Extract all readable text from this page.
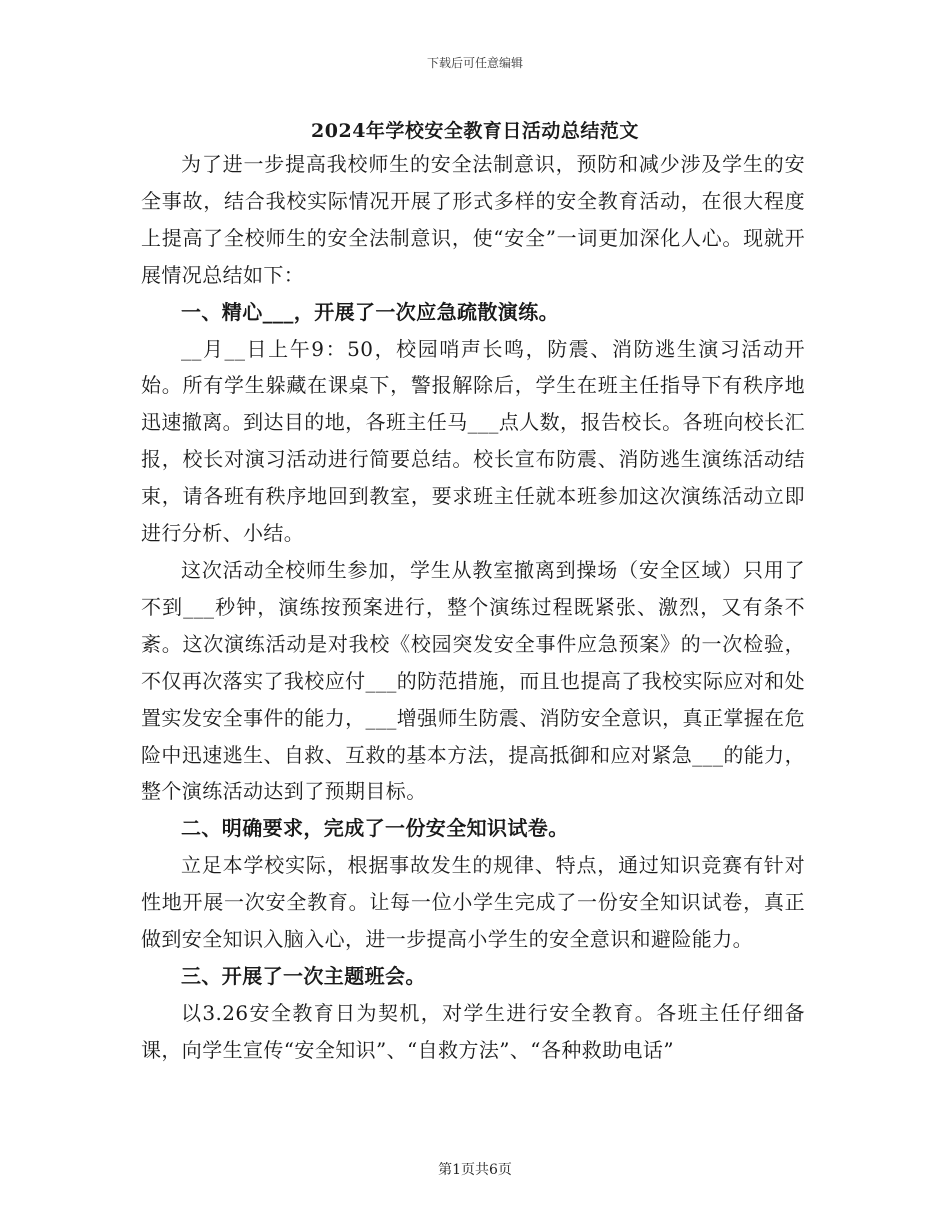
下载后可任意编辑
2024年学校安全教育日活动总结范文

为了进一步提高我校师生的安全法制意识，预防和减少涉及学生的安全事故，结合我校实际情况开展了形式多样的安全教育活动，在很大程度上提高了全校师生的安全法制意识，使“安全”一词更加深化人心。现就开展情况总结如下：

一、精心___，开展了一次应急疏散演练。

__月__日上午9：50，校园哨声长鸣，防震、消防逃生演习活动开始。所有学生躲藏在课桌下，警报解除后，学生在班主任指导下有秩序地迅速撤离。到达目的地，各班主任马___点人数，报告校长。各班向校长汇报，校长对演习活动进行简要总结。校长宣布防震、消防逃生演练活动结束，请各班有秩序地回到教室，要求班主任就本班参加这次演练活动立即进行分析、小结。

这次活动全校师生参加，学生从教室撤离到操场（安全区域）只用了不到___秒钟，演练按预案进行，整个演练过程既紧张、激烈，又有条不紊。这次演练活动是对我校《校园突发安全事件应急预案》的一次检验，不仅再次落实了我校应付___的防范措施，而且也提高了我校实际应对和处置实发安全事件的能力，___增强师生防震、消防安全意识，真正掌握在危险中迅速逃生、自救、互救的基本方法，提高抵御和应对紧急___的能力，整个演练活动达到了预期目标。

二、明确要求，完成了一份安全知识试卷。

立足本学校实际，根据事故发生的规律、特点，通过知识竞赛有针对性地开展一次安全教育。让每一位小学生完成了一份安全知识试卷，真正做到安全知识入脑入心，进一步提高小学生的安全意识和避险能力。

三、开展了一次主题班会。

以3.26安全教育日为契机，对学生进行安全教育。各班主任仔细备课，向学生宣传“安全知识”、“自救方法”、“各种救助电话”

第1页共6页
